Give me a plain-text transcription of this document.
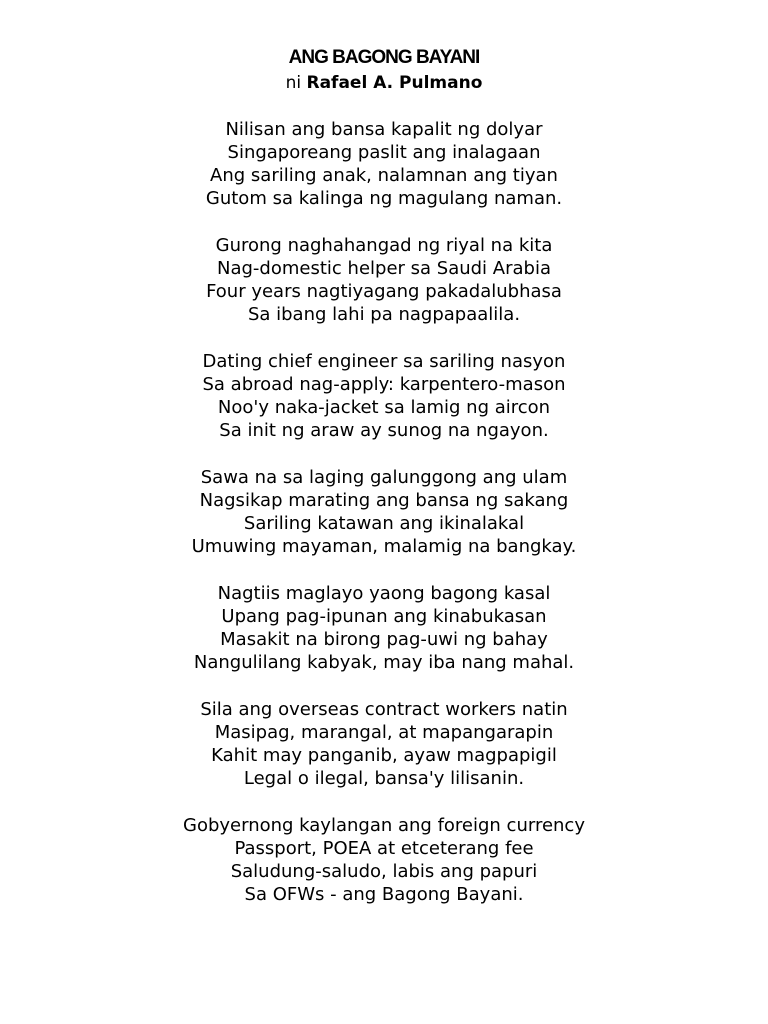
ANG BAGONG BAYANI
ni Rafael A. Pulmano
Nilisan ang bansa kapalit ng dolyar
Singaporeang paslit ang inalagaan
Ang sariling anak, nalamnan ang tiyan
Gutom sa kalinga ng magulang naman.
Gurong naghahangad ng riyal na kita
Nag-domestic helper sa Saudi Arabia
Four years nagtiyagang pakadalubhasa
Sa ibang lahi pa nagpapaalila.
Dating chief engineer sa sariling nasyon
Sa abroad nag-apply: karpentero-mason
Noo'y naka-jacket sa lamig ng aircon
Sa init ng araw ay sunog na ngayon.
Sawa na sa laging galunggong ang ulam
Nagsikap marating ang bansa ng sakang
Sariling katawan ang ikinalakal
Umuwing mayaman, malamig na bangkay.
Nagtiis maglayo yaong bagong kasal
Upang pag-ipunan ang kinabukasan
Masakit na birong pag-uwi ng bahay
Nangulilang kabyak, may iba nang mahal.
Sila ang overseas contract workers natin
Masipag, marangal, at mapangarapin
Kahit may panganib, ayaw magpapigil
Legal o ilegal, bansa'y lilisanin.
Gobyernong kaylangan ang foreign currency
Passport, POEA at etceterang fee
Saludung-saludo, labis ang papuri
Sa OFWs - ang Bagong Bayani.
